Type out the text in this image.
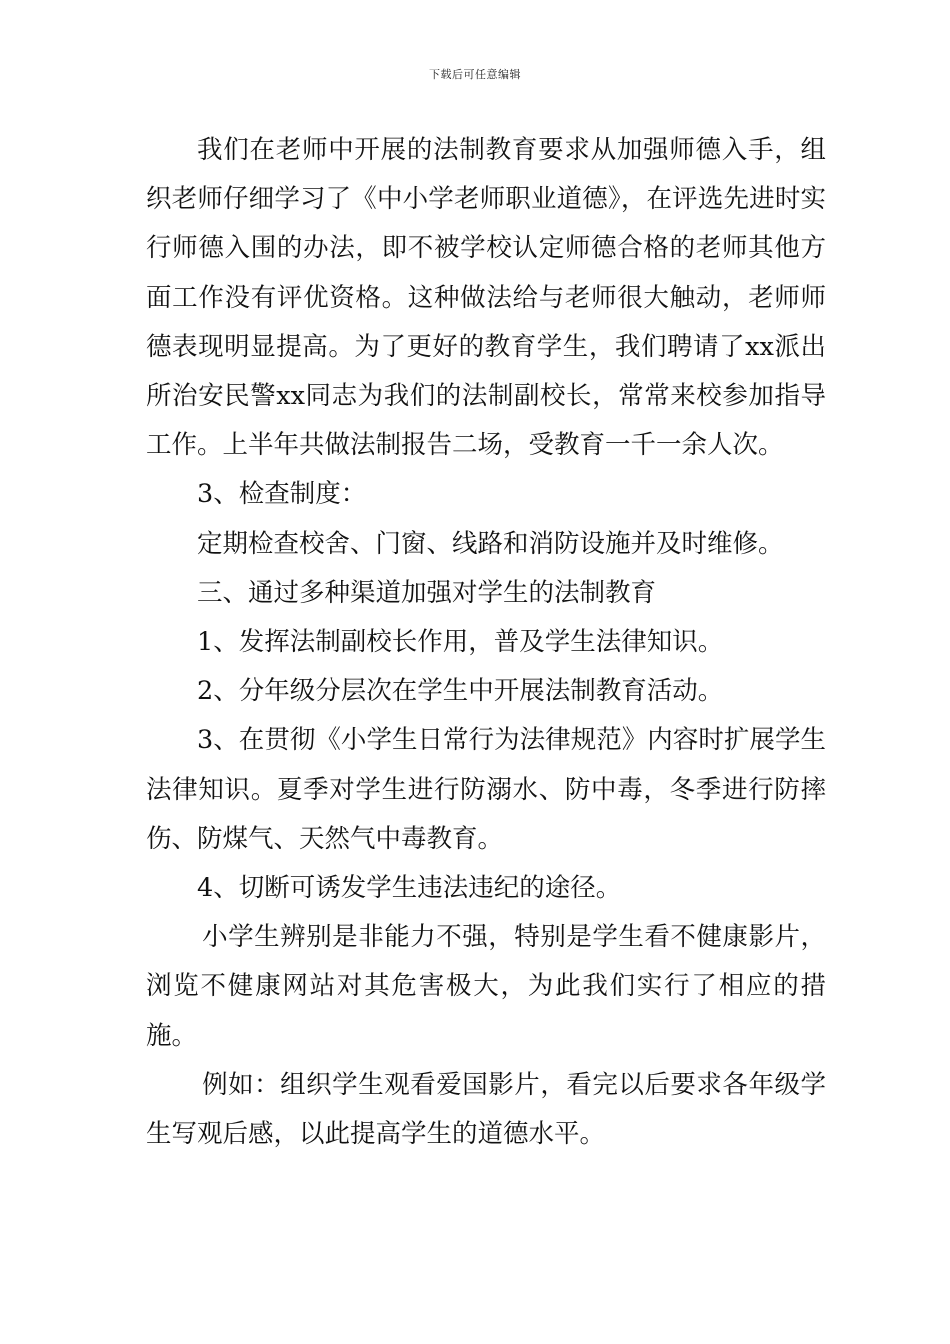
下载后可任意编辑

我们在老师中开展的法制教育要求从加强师德入手，组织老师仔细学习了《中小学老师职业道德》，在评选先进时实行师德入围的办法，即不被学校认定师德合格的老师其他方面工作没有评优资格。这种做法给与老师很大触动，老师师德表现明显提高。为了更好的教育学生，我们聘请了xx派出所治安民警xx同志为我们的法制副校长，常常来校参加指导工作。上半年共做法制报告二场，受教育一千一余人次。

3、检查制度：

定期检查校舍、门窗、线路和消防设施并及时维修。

三、通过多种渠道加强对学生的法制教育

1、发挥法制副校长作用，普及学生法律知识。

2、分年级分层次在学生中开展法制教育活动。

3、在贯彻《小学生日常行为法律规范》内容时扩展学生法律知识。夏季对学生进行防溺水、防中毒，冬季进行防摔伤、防煤气、天然气中毒教育。

4、切断可诱发学生违法违纪的途径。

小学生辨别是非能力不强，特别是学生看不健康影片，浏览不健康网站对其危害极大，为此我们实行了相应的措施。

例如：组织学生观看爱国影片，看完以后要求各年级学生写观后感，以此提高学生的道德水平。
